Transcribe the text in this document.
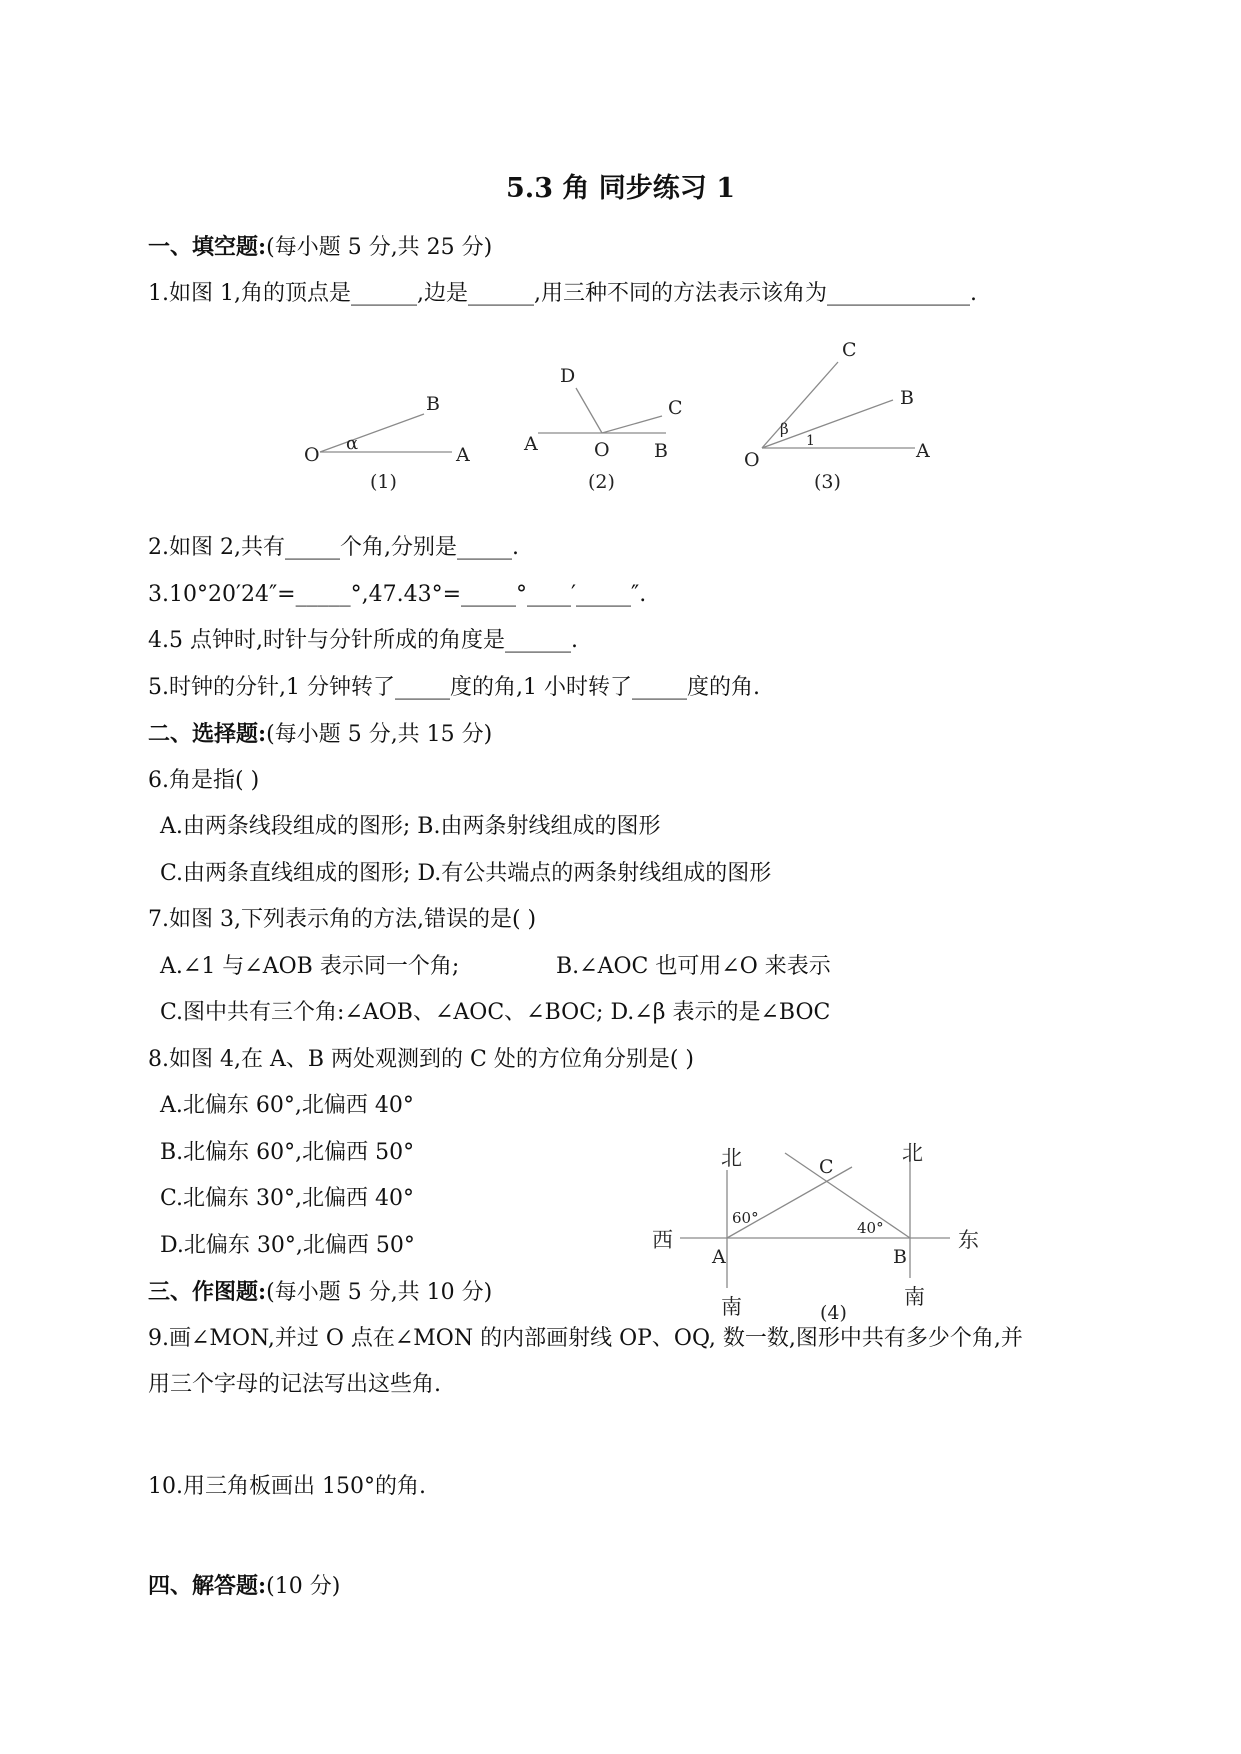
5.3 角 同步练习 1
一、填空题:(每小题 5 分,共 25 分)
1.如图 1,角的顶点是______,边是______,用三种不同的方法表示该角为_____________.
O	A
B
α
(1)
A	O B
C
D
(2)
O	A
B
C
β
1
(3)
2.如图 2,共有_____个角,分别是_____.
3.10°20′24″=_____°,47.43°=_____°____′_____″.
4.5 点钟时,时针与分针所成的角度是______.
5.时钟的分针,1 分钟转了_____度的角,1 小时转了_____度的角.
二、选择题:(每小题 5 分,共 15 分)
6.角是指( )
A.由两条线段组成的图形; B.由两条射线组成的图形
C.由两条直线组成的图形; D.有公共端点的两条射线组成的图形
7.如图 3,下列表示角的方法,错误的是( )
A.∠1 与∠AOB 表示同一个角;	B.∠AOC 也可用∠O 来表示
C.图中共有三个角:∠AOB、∠AOC、∠BOC; D.∠β 表示的是∠BOC
8.如图 4,在 A、B 两处观测到的 C 处的方位角分别是( )
A.北偏东 60°,北偏西 40°
B.北偏东 60°,北偏西 50°
C.北偏东 30°,北偏西 40°
D.北偏东 30°,北偏西 50°
北	北
西	东
南	南
A	B
C
60°
40°
(4)
三、作图题:(每小题 5 分,共 10 分)
9.画∠MON,并过 O 点在∠MON 的内部画射线 OP、OQ, 数一数,图形中共有多少个角,并
用三个字母的记法写出这些角.
10.用三角板画出 150°的角.
四、解答题:(10 分)
